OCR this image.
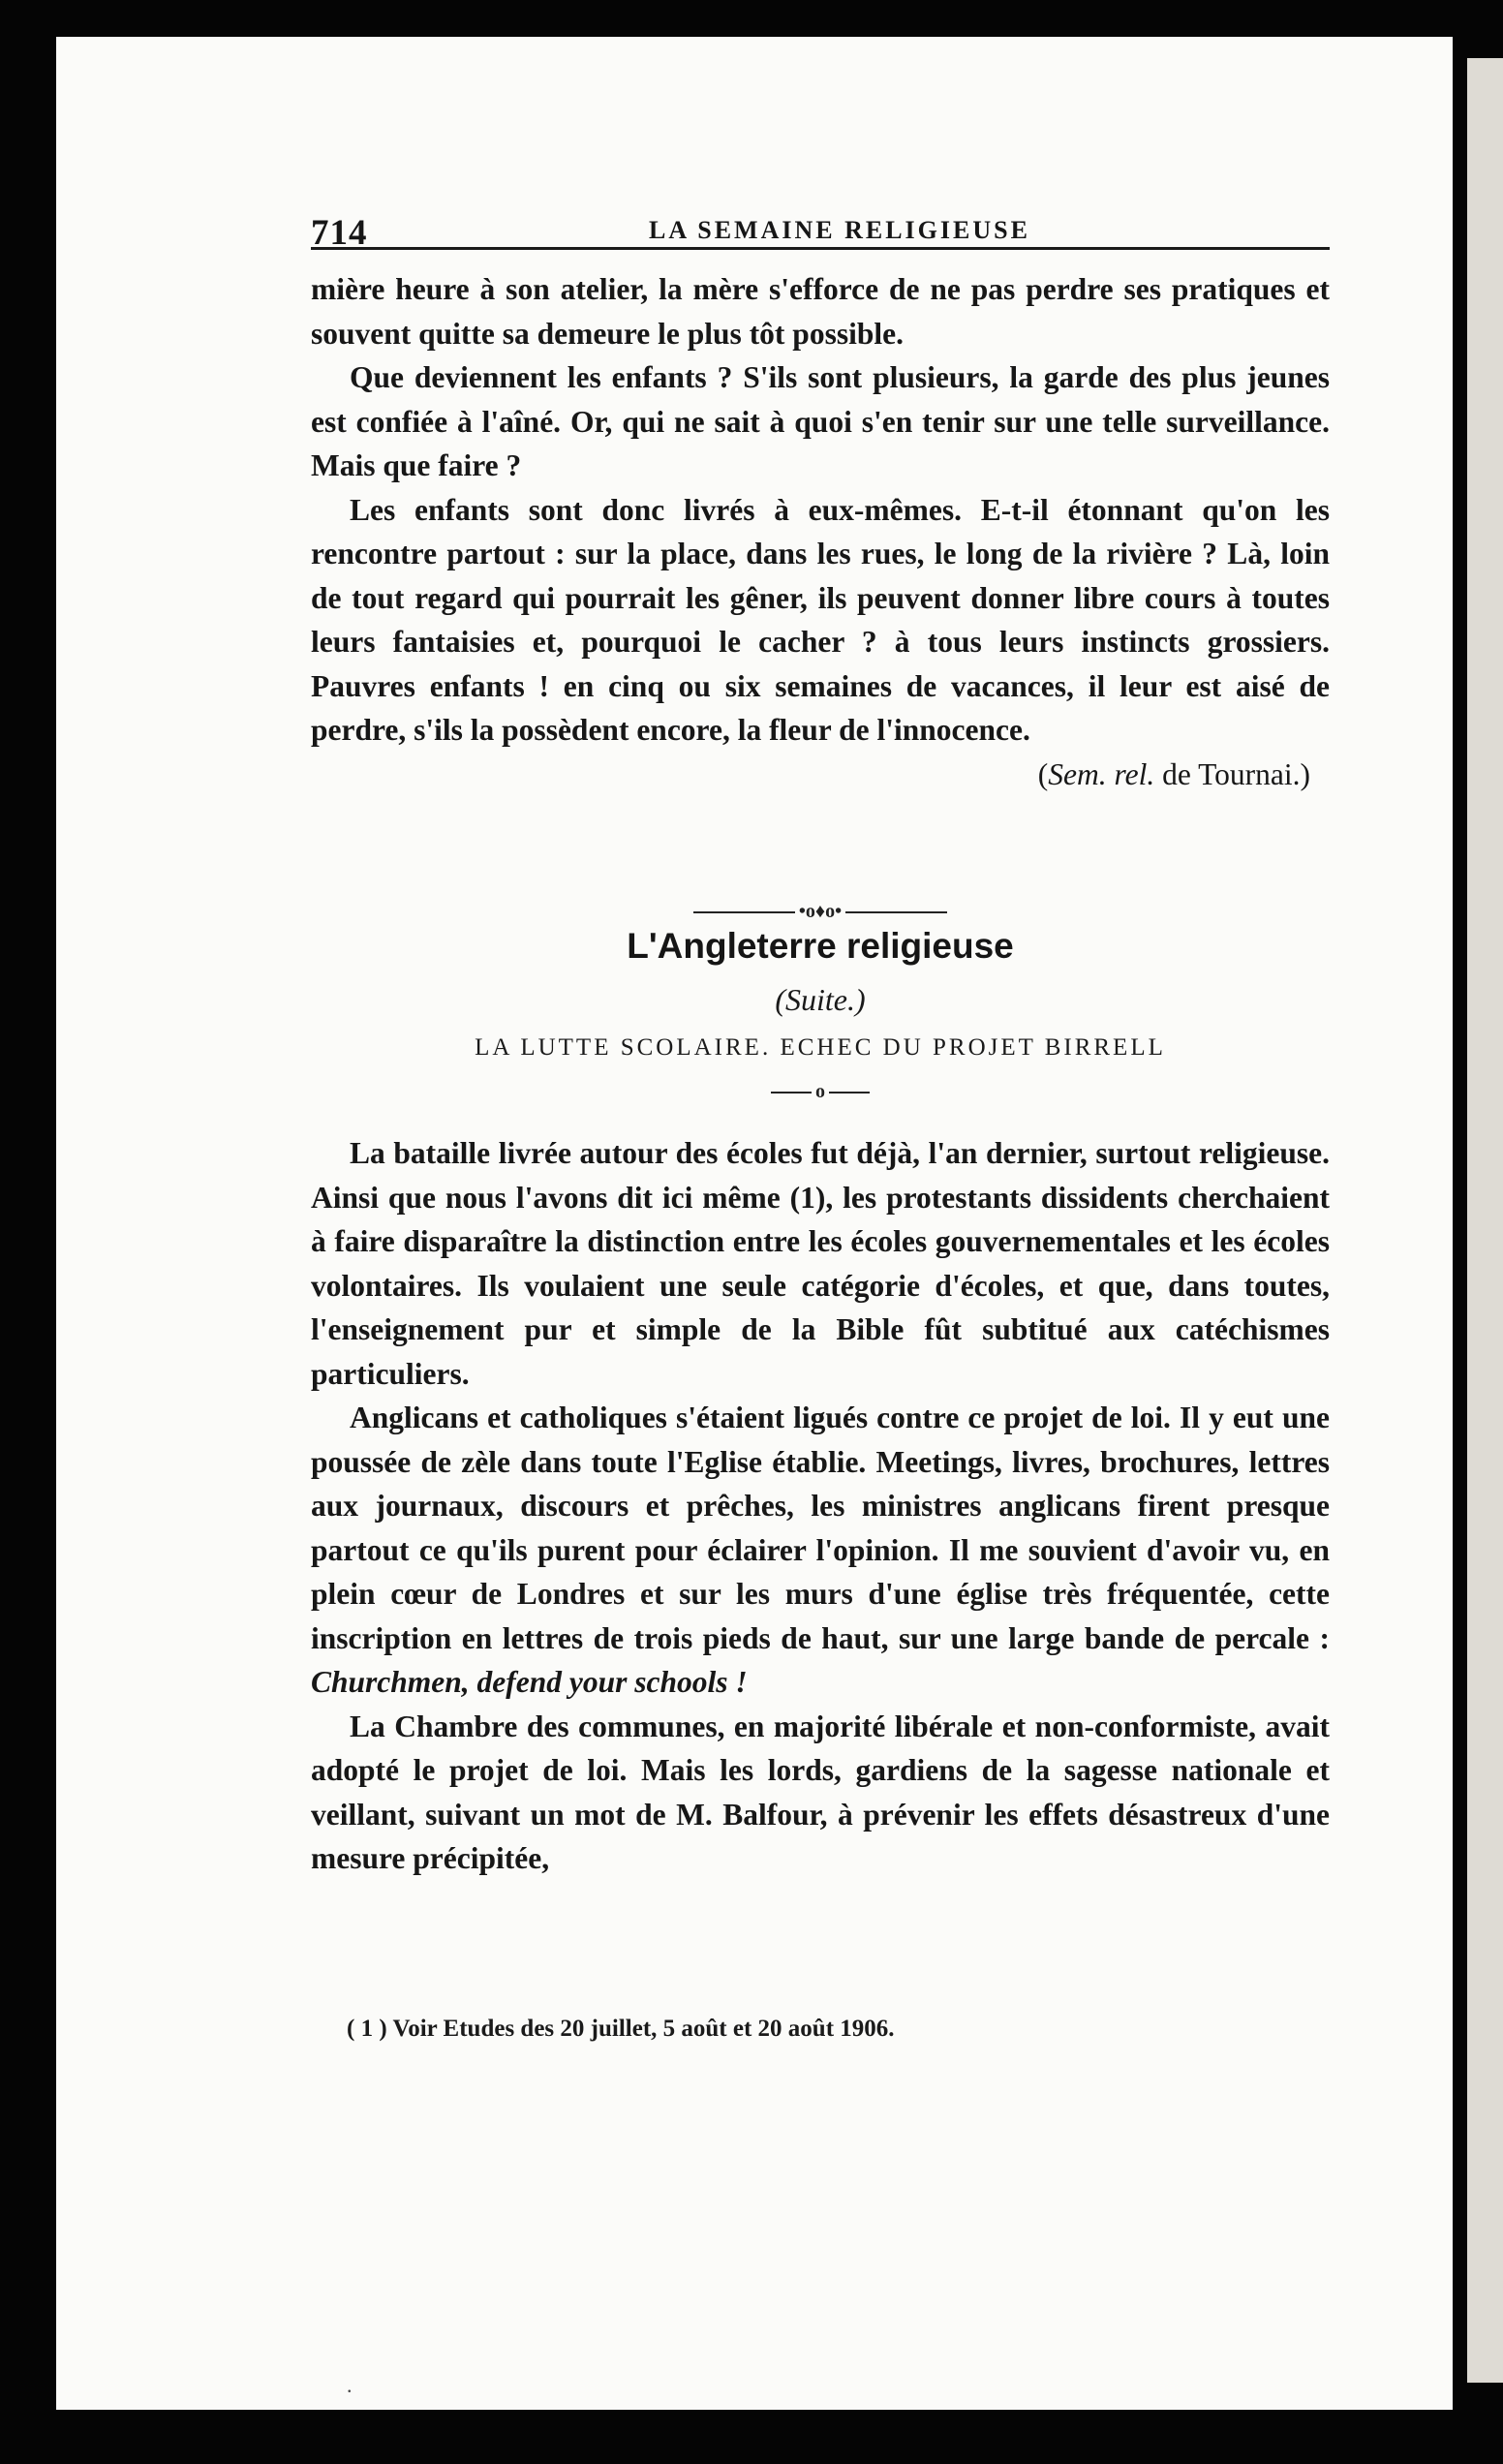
714	LA SEMAINE RELIGIEUSE

mière heure à son atelier, la mère s'efforce de ne pas perdre ses pratiques et souvent quitte sa demeure le plus tôt possible.

Que deviennent les enfants ? S'ils sont plusieurs, la garde des plus jeunes est confiée à l'aîné. Or, qui ne sait à quoi s'en tenir sur une telle surveillance. Mais que faire ?

Les enfants sont donc livrés à eux-mêmes. E-t-il étonnant qu'on les rencontre partout : sur la place, dans les rues, le long de la rivière ? Là, loin de tout regard qui pourrait les gêner, ils peuvent donner libre cours à toutes leurs fantaisies et, pourquoi le cacher ? à tous leurs instincts grossiers. Pauvres enfants ! en cinq ou six semaines de vacances, il leur est aisé de perdre, s'ils la possèdent encore, la fleur de l'innocence.

(Sem. rel. de Tournai.)
•o♦o•
L'Angleterre religieuse
(Suite.)
LA LUTTE SCOLAIRE. ECHEC DU PROJET BIRRELL
o

La bataille livrée autour des écoles fut déjà, l'an dernier, surtout religieuse. Ainsi que nous l'avons dit ici même (1), les protestants dissidents cherchaient à faire disparaître la distinction entre les écoles gouvernementales et les écoles volontaires. Ils voulaient une seule catégorie d'écoles, et que, dans toutes, l'enseignement pur et simple de la Bible fût subtitué aux catéchismes particuliers.

Anglicans et catholiques s'étaient ligués contre ce projet de loi. Il y eut une poussée de zèle dans toute l'Eglise établie. Meetings, livres, brochures, lettres aux journaux, discours et prêches, les ministres anglicans firent presque partout ce qu'ils purent pour éclairer l'opinion. Il me souvient d'avoir vu, en plein cœur de Londres et sur les murs d'une église très fréquentée, cette inscription en lettres de trois pieds de haut, sur une large bande de percale : Churchmen, defend your schools !

La Chambre des communes, en majorité libérale et non-conformiste, avait adopté le projet de loi. Mais les lords, gardiens de la sagesse nationale et veillant, suivant un mot de M. Balfour, à prévenir les effets désastreux d'une mesure précipitée,

( 1 ) Voir Etudes des 20 juillet, 5 août et 20 août 1906.
.
